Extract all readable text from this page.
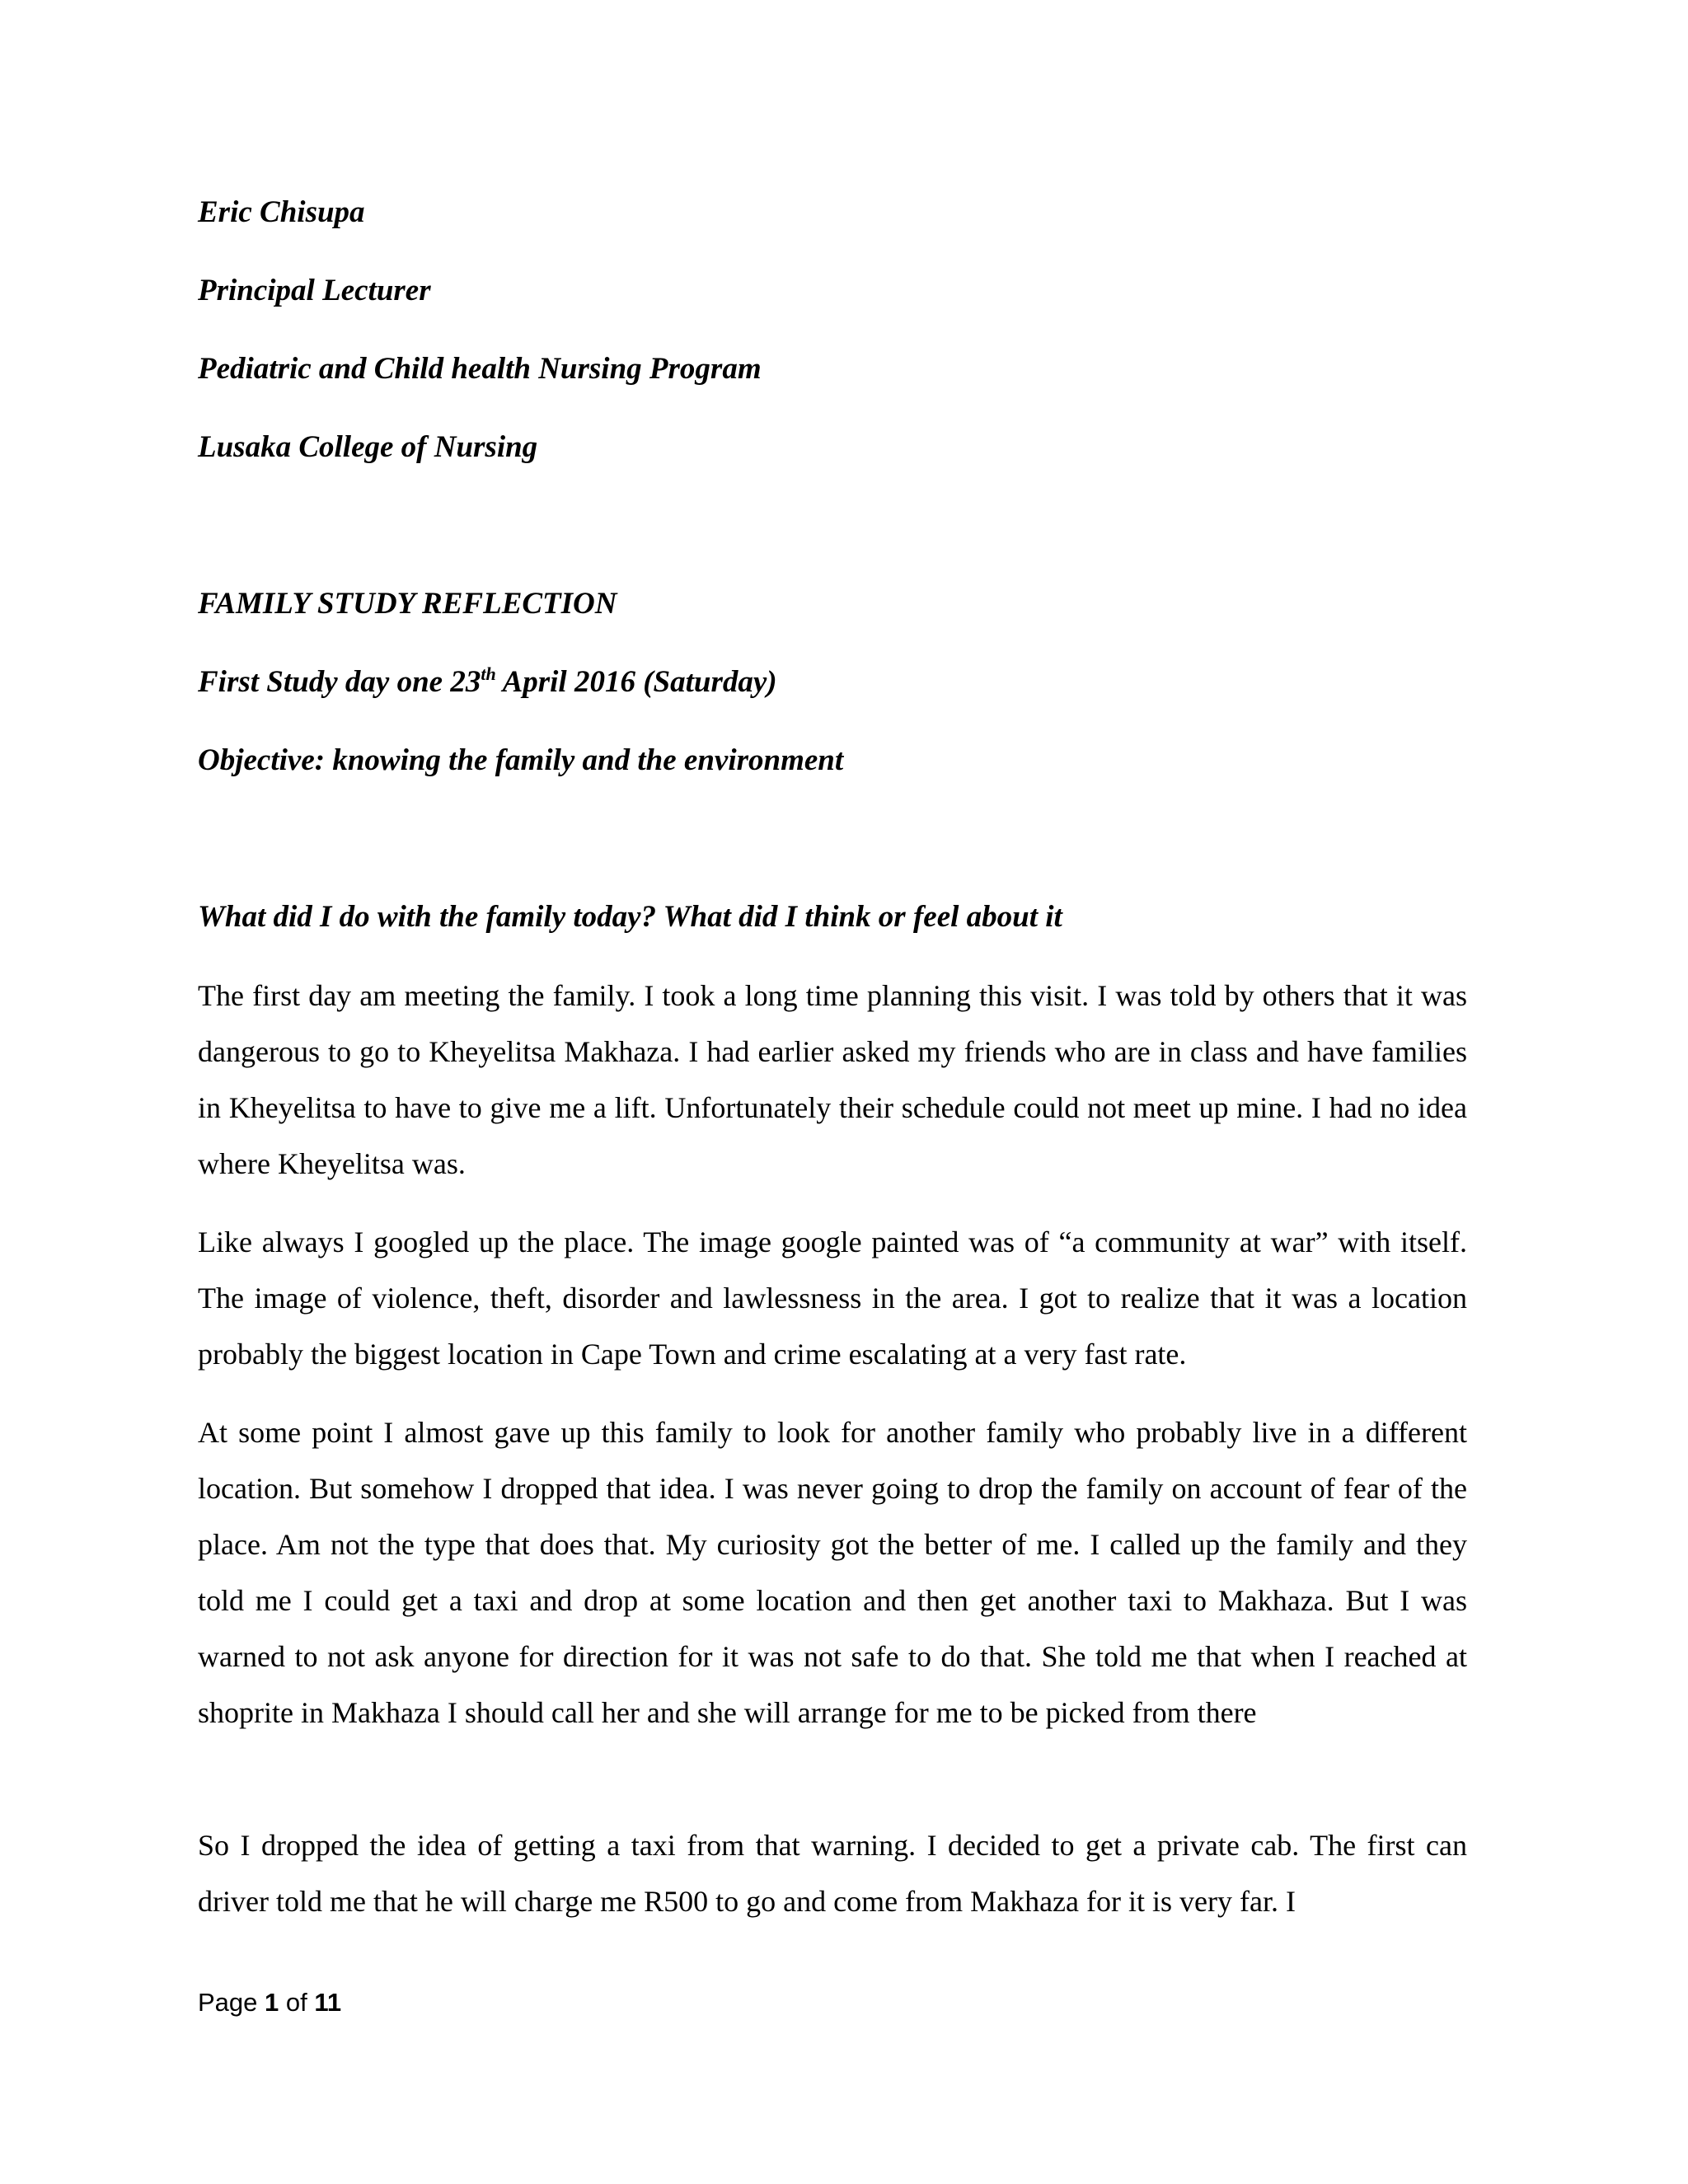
Eric Chisupa
Principal Lecturer
Pediatric and Child health Nursing Program
Lusaka College of Nursing
FAMILY STUDY REFLECTION
First Study day one 23th April 2016 (Saturday)
Objective: knowing the family and the environment
What did I do with the family today? What did I think or feel about it

The first day am meeting the family. I took a long time planning this visit. I was told by others that it was dangerous to go to Kheyelitsa Makhaza. I had earlier asked my friends who are in class and have families in Kheyelitsa to have to give me a lift. Unfortunately their schedule could not meet up mine. I had no idea where Kheyelitsa was.

Like always I googled up the place. The image google painted was of “a community at war” with itself. The image of violence, theft, disorder and lawlessness in the area. I got to realize that it was a location probably the biggest location in Cape Town and crime escalating at a very fast rate.

At some point I almost gave up this family to look for another family who probably live in a different location. But somehow I dropped that idea. I was never going to drop the family on account of fear of the place. Am not the type that does that. My curiosity got the better of me. I called up the family and they told me I could get a taxi and drop at some location and then get another taxi to Makhaza. But I was warned to not ask anyone for direction for it was not safe to do that. She told me that when I reached at shoprite in Makhaza I should call her and she will arrange for me to be picked from there

So I dropped the idea of getting a taxi from that warning. I decided to get a private cab. The first can driver told me that he will charge me R500 to go and come from Makhaza for it is very far. I

Page 1 of 11
